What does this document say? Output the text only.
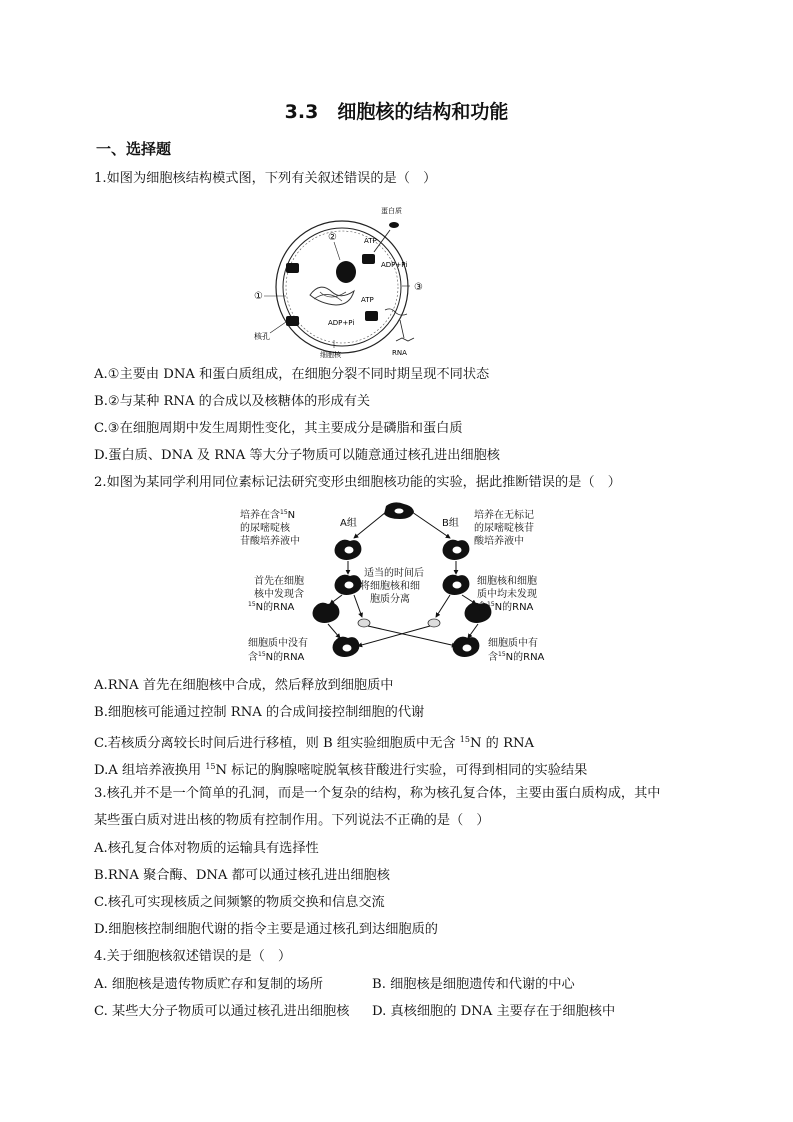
3.3　细胞核的结构和功能
一、选择题
1.如图为细胞核结构模式图，下列有关叙述错误的是（　）
蛋白质
ATP
ADP+Pi
ATP
ADP+Pi
①
②
③
核孔
细胞核	RNA
A.①主要由 DNA 和蛋白质组成，在细胞分裂不同时期呈现不同状态
B.②与某种 RNA 的合成以及核糖体的形成有关
C.③在细胞周期中发生周期性变化，其主要成分是磷脂和蛋白质
D.蛋白质、DNA 及 RNA 等大分子物质可以随意通过核孔进出细胞核
2.如图为某同学利用同位素标记法研究变形虫细胞核功能的实验，据此推断错误的是（　）
培养在含$^{15}$N
的尿嘧啶核
苷酸培养液中
A组	B组
培养在无标记
的尿嘧啶核苷
酸培养液中
首先在细胞
核中发现含
$^{15}$N的RNA
适当的时间后
将细胞核和细
胞质分离
细胞核和细胞
质中均未发现
含$^{15}$N的RNA
细胞质中没有
含$^{15}$N的RNA
细胞质中有
含$^{15}$N的RNA
A.RNA 首先在细胞核中合成，然后释放到细胞质中
B.细胞核可能通过控制 RNA 的合成间接控制细胞的代谢
C.若核质分离较长时间后进行移植，则 B 组实验细胞质中无含 $^{15}$N 的 RNA
D.A 组培养液换用 $^{15}$N 标记的胸腺嘧啶脱氧核苷酸进行实验，可得到相同的实验结果
3.核孔并不是一个简单的孔洞，而是一个复杂的结构，称为核孔复合体，主要由蛋白质构成，其中
某些蛋白质对进出核的物质有控制作用。下列说法不正确的是（　）
A.核孔复合体对物质的运输具有选择性
B.RNA 聚合酶、DNA 都可以通过核孔进出细胞核
C.核孔可实现核质之间频繁的物质交换和信息交流
D.细胞核控制细胞代谢的指令主要是通过核孔到达细胞质的
4.关于细胞核叙述错误的是（　）
A. 细胞核是遗传物质贮存和复制的场所	B. 细胞核是细胞遗传和代谢的中心
C. 某些大分子物质可以通过核孔进出细胞核 D. 真核细胞的 DNA 主要存在于细胞核中
